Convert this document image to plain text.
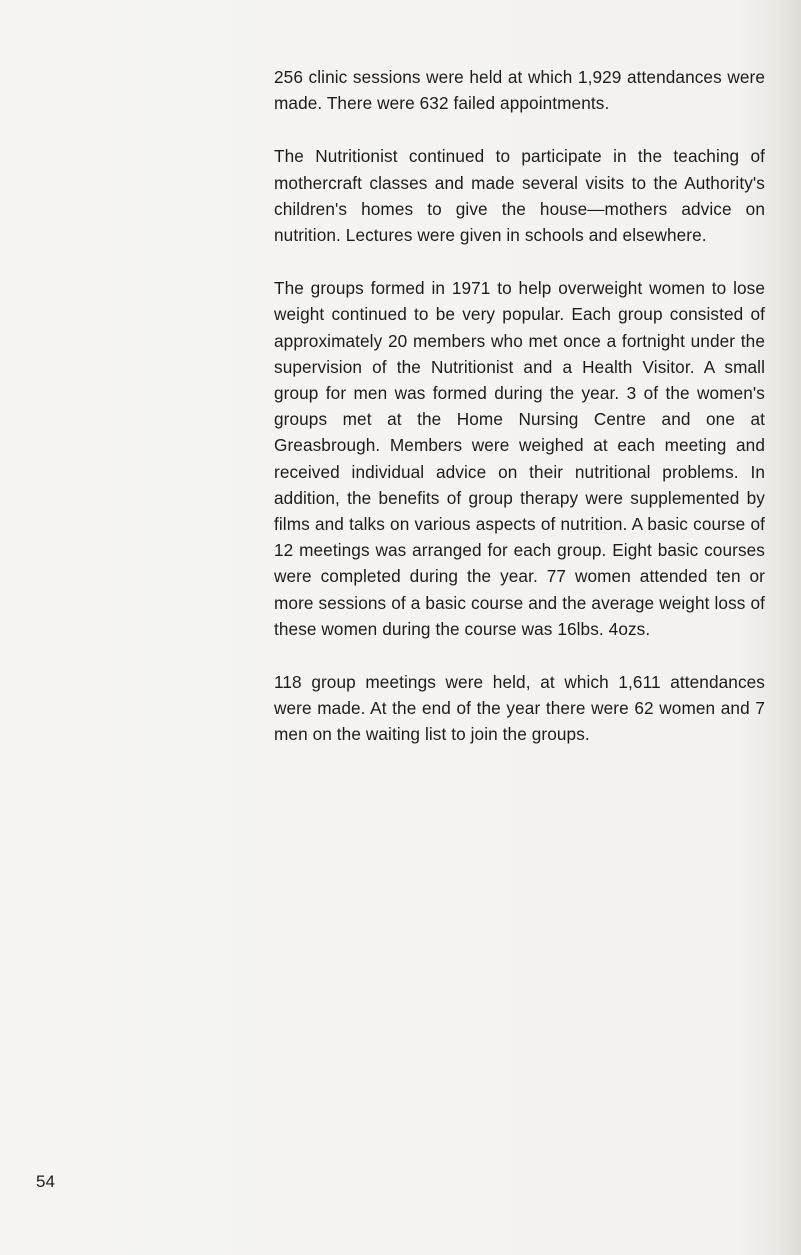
256 clinic sessions were held at which 1,929 attendances were made. There were 632 failed appointments.

The Nutritionist continued to participate in the teaching of mothercraft classes and made several visits to the Authority's children's homes to give the house—mothers advice on nutrition. Lectures were given in schools and elsewhere.

The groups formed in 1971 to help overweight women to lose weight continued to be very popular. Each group consisted of approximately 20 members who met once a fortnight under the supervision of the Nutritionist and a Health Visitor. A small group for men was formed during the year. 3 of the women's groups met at the Home Nursing Centre and one at Greasbrough. Members were weighed at each meeting and received individual advice on their nutritional problems. In addition, the benefits of group therapy were supplemented by films and talks on various aspects of nutrition. A basic course of 12 meetings was arranged for each group. Eight basic courses were completed during the year. 77 women attended ten or more sessions of a basic course and the average weight loss of these women during the course was 16lbs. 4ozs.

118 group meetings were held, at which 1,611 attendances were made. At the end of the year there were 62 women and 7 men on the waiting list to join the groups.

54
